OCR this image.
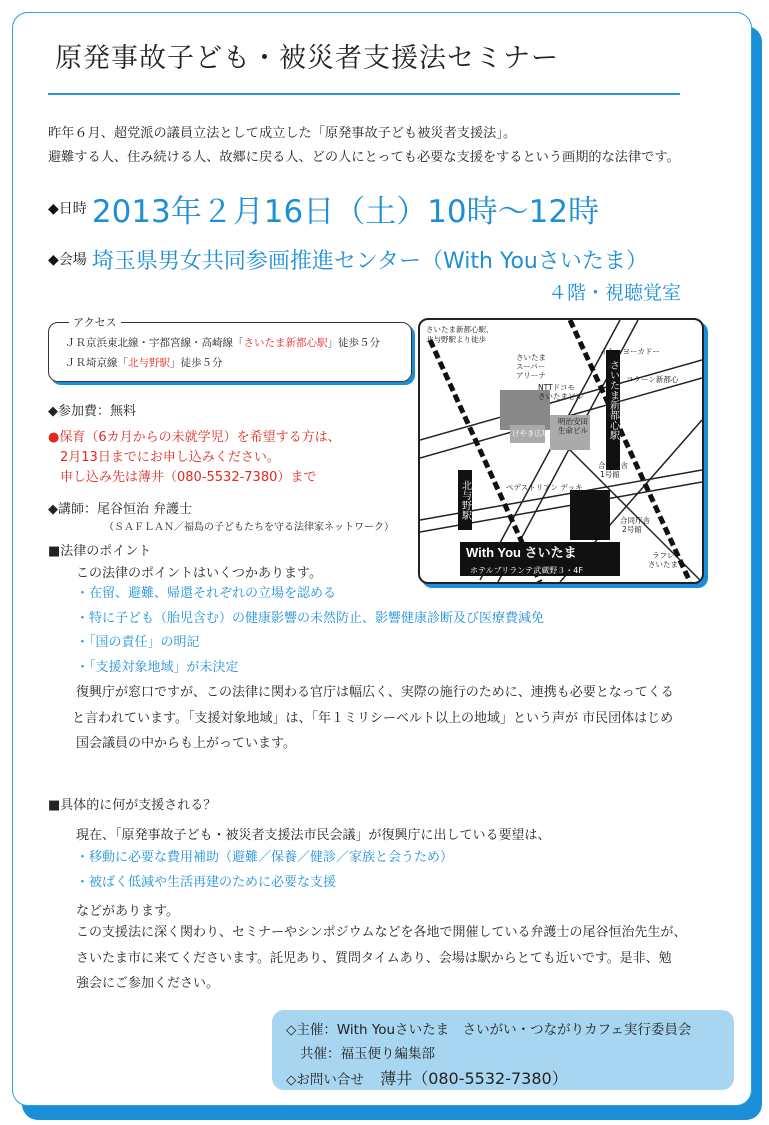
原発事故子ども・被災者支援法セミナー
昨年６月、超党派の議員立法として成立した「原発事故子ども被災者支援法」。
避難する人、住み続ける人、故郷に戻る人、どの人にとっても必要な支援をするという画期的な法律です。
◆日時 2013年２月16日（土）10時〜12時
◆会場 埼玉県男女共同参画推進センター（With Youさいたま）
４階・視聴覚室
アクセス
ＪＲ京浜東北線・宇都宮線・高崎線「さいたま新都心駅」徒歩５分
ＪＲ埼京線「北与野駅」徒歩５分
◆参加費：無料
●保育（6カ月からの未就学児）を希望する方は、
2月13日までにお申し込みください。
申し込み先は薄井（080-5532-7380）まで
◆講師：尾谷恒治 弁護士
（ＳＡＦＬＡＮ／福島の子どもたちを守る法律家ネットワーク）
With You さいたま
ホテルブリランテ武蔵野３・4F
北与野駅
さいたま新都心駅
さいたま新都心駅、
北与野駅より徒歩
イトーヨーカドー
コクーン新都心
けやき広場
ペデストリアン デッキ
さいたま
スーパー
アリーナ
NTTドコモ
さいたまビル
明治安田
生命ビル
合同庁舎
1号館
合同庁舎
2号館
ラフレ
さいたま
■法律のポイント
この法律のポイントはいくつかあります。
・在留、避難、帰還それぞれの立場を認める
・特に子ども（胎児含む）の健康影響の未然防止、影響健康診断及び医療費減免
・「国の責任」の明記
・「支援対象地域」が未決定
復興庁が窓口ですが、この法律に関わる官庁は幅広く、実際の施行のために、連携も必要となってくる
と言われています。「支援対象地域」は、「年１ミリシーベルト以上の地域」という声が 市民団体はじめ
国会議員の中からも上がっています。
■具体的に何が支援される？
現在、「原発事故子ども・被災者支援法市民会議」が復興庁に出している要望は、
・移動に必要な費用補助（避難／保養／健診／家族と会うため）
・被ばく低減や生活再建のために必要な支援
などがあります。
この支援法に深く関わり、セミナーやシンポジウムなどを各地で開催している弁護士の尾谷恒治先生が、
さいたま市に来てくださいます。託児あり、質問タイムあり、会場は駅からとても近いです。是非、勉
強会にご参加ください。
◇主催：With Youさいたま　さいがい・つながりカフェ実行委員会
共催：福玉便り編集部
◇お問い合せ 薄井（080-5532-7380）
